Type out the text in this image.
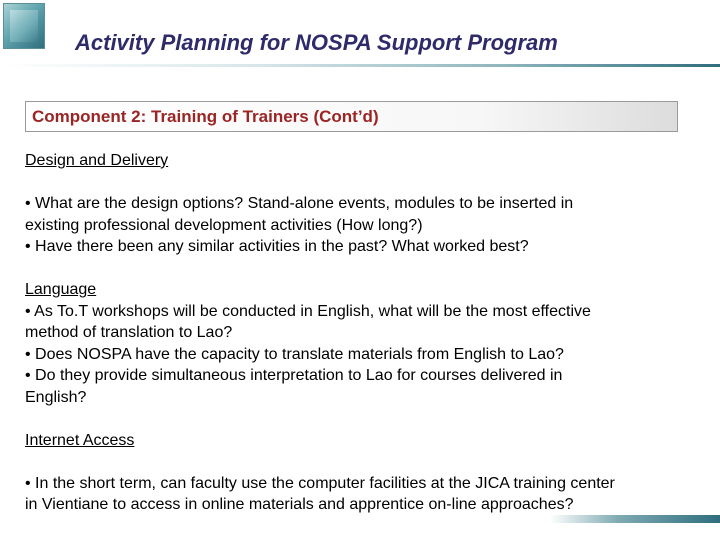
Activity Planning for NOSPA Support Program
Component 2: Training of Trainers (Cont’d)
Design and Delivery
• What are the design options? Stand-alone events, modules to be inserted in
existing professional development activities (How long?)
• Have there been any similar activities in the past? What worked best?
Language
• As To.T workshops will be conducted in English, what will be the most effective
method of translation to Lao?
• Does NOSPA have the capacity to translate materials from English to Lao?
• Do they provide simultaneous interpretation to Lao for courses delivered in
English?
Internet Access
• In the short term, can faculty use the computer facilities at the JICA training center
in Vientiane to access in online materials and apprentice on-line approaches?
